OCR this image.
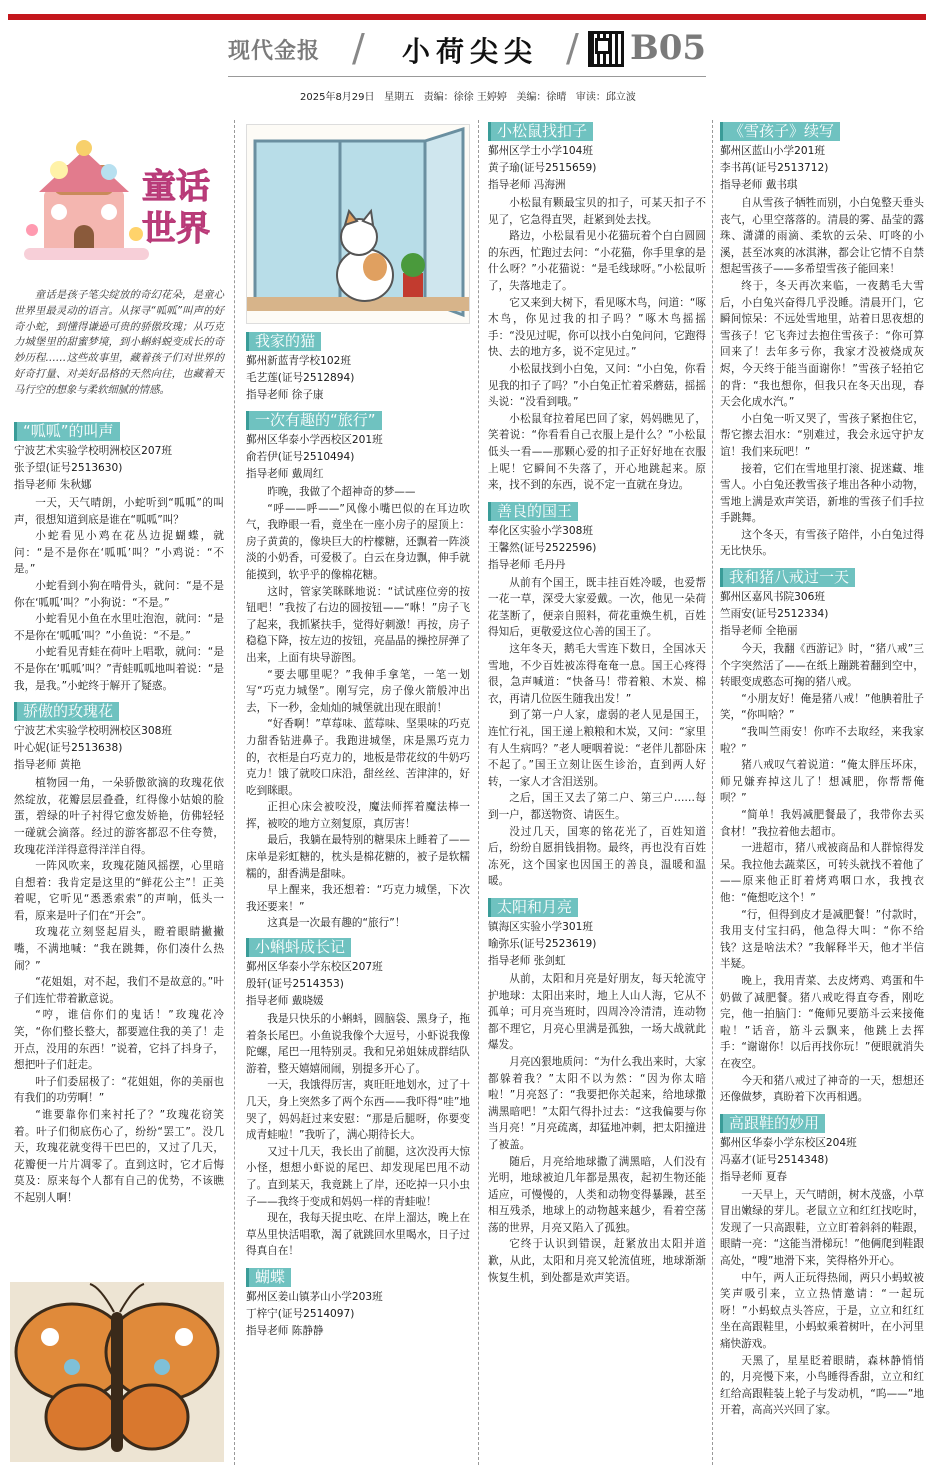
现代金报 / 小荷尖尖 / B05
2025年8月29日 星期五 责编：徐徐 王婷婷 美编：徐晴 审读：邱立波
童话
世界

童话是孩子笔尖绽放的奇幻花朵，是童心世界里最灵动的语言。从探寻“呱呱”叫声的好奇小蛇，到懂得谦逊可贵的骄傲玫瑰；从巧克力城堡里的甜蜜梦境，到小蝌蚪蜕变成长的奇妙历程……这些故事里，藏着孩子们对世界的好奇打量、对美好品格的天然向往，也藏着天马行空的想象与柔软细腻的情感。

“呱呱”的叫声
宁波艺术实验学校明洲校区207班
张予望(证号2513630)
指导老师 朱秋娜

一天，天气晴朗，小蛇听到“呱呱”的叫声，很想知道到底是谁在“呱呱”叫？

小蛇看见小鸡在花丛边捉蝴蝶，就问：“是不是你在‘呱呱’叫？”小鸡说：“不是。”

小蛇看到小狗在啃骨头，就问：“是不是你在‘呱呱’叫？”小狗说：“不是。”

小蛇看见小鱼在水里吐泡泡，就问：“是不是你在‘呱呱’叫？”小鱼说：“不是。”

小蛇看见青蛙在荷叶上唱歌，就问：“是不是你在‘呱呱’叫？”青蛙呱呱地叫着说：“是我，是我。”小蛇终于解开了疑惑。

骄傲的玫瑰花
宁波艺术实验学校明洲校区308班
叶心妮(证号2513638)
指导老师 黄艳

植物园一角，一朵骄傲欲滴的玫瑰花依然绽放，花瓣层层叠叠，红得像小姑娘的脸蛋，碧绿的叶子衬得它愈发娇艳，仿佛轻轻一碰就会滴落。经过的游客都忍不住夸赞，玫瑰花洋洋得意得洋洋自得。

一阵风吹来，玫瑰花随风摇摆，心里暗自想着：我肯定是这里的“鲜花公主”！正美着呢，它听见“悉悉索索”的声响，低头一看，原来是叶子们在“开会”。

玫瑰花立刻竖起眉头，瞪着眼睛撇撇嘴，不满地喊：“我在跳舞，你们凑什么热闹？”

“花姐姐，对不起，我们不是故意的。”叶子们连忙带着歉意说。

“哼，谁信你们的鬼话！”玫瑰花冷笑，“你们整长整大，都要遮住我的美了！走开点，没用的东西！”说着，它抖了抖身子，想把叶子们赶走。

叶子们委屈极了：“花姐姐，你的美丽也有我们的功劳啊！”

“谁要靠你们来衬托了？”玫瑰花窃笑着。叶子们彻底伤心了，纷纷“罢工”。没几天，玫瑰花就变得干巴巴的，又过了几天，花瓣便一片片凋零了。直到这时，它才后悔莫及：原来每个人都有自己的优势，不该瞧不起别人啊！

我家的猫
鄞州新蓝青学校102班
毛艺莲(证号2512894)
指导老师 徐子康
一次有趣的“旅行”
鄞州区华泰小学西校区201班
俞若伊(证号2510494)
指导老师 戴周红

昨晚，我做了个超神奇的梦——

“呼——呼——”风像小嘴巴似的在耳边吹气，我睁眼一看，竟坐在一座小房子的屋顶上：房子黄黄的，像块巨大的柠檬糖，还飘着一阵淡淡的小奶香，可爱极了。白云在身边飘，伸手就能摸到，软乎乎的像棉花糖。

这时，管家笑眯眯地说：“试试座位旁的按钮吧！”我按了右边的圆按钮——“咻！”房子飞了起来，我抓紧扶手，觉得好刺激！再按，房子稳稳下降，按左边的按钮，亮晶晶的操控屏弹了出来，上面有块导游图。

“要去哪里呢？”我伸手拿笔，一笔一划写“巧克力城堡”。刚写完，房子像火箭般冲出去，下一秒，金灿灿的城堡就出现在眼前！

“好香啊！”草莓味、蓝莓味、坚果味的巧克力甜香钻进鼻子。我跑进城堡，床是黑巧克力的，衣柜是白巧克力的，地板是带花纹的牛奶巧克力！饿了就咬口床沿，甜丝丝、苦津津的，好吃到眯眼。

正担心床会被咬没，魔法师挥着魔法棒一挥，被咬的地方立刻复原，真厉害！

最后，我躺在最特别的糖果床上睡着了——床单是彩虹糖的，枕头是棉花糖的，被子是软糯糯的，甜香满是甜味。

早上醒来，我还想着：“巧克力城堡，下次我还要来！”

这真是一次最有趣的“旅行”！

小蝌蚪成长记
鄞州区华泰小学东校区207班
殷轩(证号2514353)
指导老师 戴晓媛

我是只快乐的小蝌蚪，圆脑袋、黑身子，拖着条长尾巴。小鱼说我像个大逗号，小虾说我像陀螺，尾巴一甩特别灵。我和兄弟姐妹成群结队游着，整天嬉嬉闹闹，别提多开心了。

一天，我饿得厉害，爽旺旺地划水，过了十几天，身上突然多了两个东西——我吓得“哇”地哭了，妈妈赶过来安慰：“那是后腿呀，你要变成青蛙啦！”我听了，满心期待长大。

又过十几天，我长出了前腿，这次没再大惊小怪，想想小虾说的尾巴、却发现尾巴甩不动了。直到某天，我竟跳上了岸，还吃掉一只小虫子——我终于变成和妈妈一样的青蛙啦！

现在，我每天捉虫吃、在岸上溜达，晚上在草丛里快活唱歌，渴了就跳回水里喝水，日子过得真自在！

蝴蝶
鄞州区姜山镇茅山小学203班
丁梓宁(证号2514097)
指导老师 陈静静
小松鼠找扣子
鄞州区学士小学104班
黄子瑜(证号2515659)
指导老师 冯海洲

小松鼠有颗最宝贝的扣子，可某天扣子不见了，它急得直哭，赶紧到处去找。

路边，小松鼠看见小花猫玩着个白白圆圆的东西，忙跑过去问：“小花猫，你手里拿的是什么呀？”小花猫说：“是毛线球呀。”小松鼠听了，失落地走了。

它又来到大树下，看见啄木鸟，问道：“啄木鸟，你见过我的扣子吗？”啄木鸟摇摇手：“没见过呢，你可以找小白兔问问，它跑得快、去的地方多，说不定见过。”

小松鼠找到小白兔，又问：“小白兔，你看见我的扣子了吗？”小白兔正忙着采蘑菇，摇摇头说：“没看到哦。”

小松鼠耷拉着尾巴回了家，妈妈瞧见了，笑着说：“你看看自己衣服上是什么？”小松鼠低头一看——那颗心爱的扣子正好好地在衣服上呢！它瞬间不失落了，开心地跳起来。原来，找不到的东西，说不定一直就在身边。

善良的国王
奉化区实验小学308班
王馨然(证号2522596)
指导老师 毛丹丹

从前有个国王，既丰挂百姓冷暖，也爱帮一花一草，深受大家爱戴。一次，他见一朵荷花茎断了，便亲自照料，荷花重焕生机，百姓得知后，更敬爱这位心善的国王了。

这年冬天，鹅毛大雪连下数日，全国冰天雪地，不少百姓被冻得奄奄一息。国王心疼得很，急声喊道：“快备马！带着粮、木炭、棉衣，再请几位医生随我出发！”

到了第一户人家，虚弱的老人见是国王，连忙行礼，国王递上粮粮和木炭，又问：“家里有人生病吗？”老人哽咽着说：“老伴儿都卧床不起了。”国王立刻让医生诊治，直到两人好转，一家人才含泪送别。

之后，国王又去了第二户、第三户……每到一户，都送物资、请医生。

没过几天，国寒的铭花光了，百姓知道后，纷纷自愿捐钱捐物。最终，再也没有百姓冻死，这个国家也因国王的善良，温暖和温暖。

太阳和月亮
镇海区实验小学301班
喻弥乐(证号2523619)
指导老师 张剑虹

从前，太阳和月亮是好朋友，每天轮流守护地球：太阳出来时，地上人山人海，它从不孤单；可月亮当班时，四周冷冷清清，连动物都不理它，月亮心里满是孤独，一场大战就此爆发。

月亮凶狠地质问：“为什么我出来时，大家都躲着我？”太阳不以为然：“因为你太暗啦！”月亮怒了：“我要把你关起来，给地球撒满黑暗吧！”太阳气得扑过去：“这我偏要与你当月亮！”月亮疏离，却猛地冲刺，把太阳撞进了被盖。

随后，月亮给地球撒了满黑暗，人们没有光明，地球被迫几年都是黑夜，起初生物还能适应，可慢慢的，人类和动物变得暴躁，甚至相互残杀，地球上的动物越来越少，看着空荡荡的世界，月亮又陷入了孤独。

它终于认识到错误，赶紧放出太阳并道歉，从此，太阳和月亮又轮流值班，地球渐渐恢复生机，到处都是欢声笑语。

《雪孩子》续写
鄞州区蓝山小学201班
李书苒(证号2513712)
指导老师 戴书琪

自从雪孩子牺牲而别，小白兔整天垂头丧气，心里空落落的。清晨的雾、晶莹的露珠、潇潇的雨滴、柔软的云朵、叮咚的小溪，甚至冰爽的冰淇淋，都会让它情不自禁想起雪孩子——多希望雪孩子能回来！

终于，冬天再次来临，一夜鹅毛大雪后，小白兔兴奋得几乎没睡。清晨开门，它瞬间惊呆：不远处雪地里，站着日思夜想的雪孩子！它飞奔过去抱住雪孩子：“你可算回来了！去年多亏你，我家才没被烧成灰烬，今天终于能当面谢你！”雪孩子轻拍它的背：“我也想你，但我只在冬天出现，春天会化成水汽。”

小白兔一听又哭了，雪孩子紧抱住它，帮它擦去泪水：“别难过，我会永远守护友谊！我们来玩吧！”

接着，它们在雪地里打滚、捉迷藏、堆雪人。小白兔还教雪孩子堆出各种小动物，雪地上满是欢声笑语，新堆的雪孩子们手拉手跳舞。

这个冬天，有雪孩子陪伴，小白兔过得无比快乐。

我和猪八戒过一天
鄞州区嘉风书院306班
竺雨安(证号2512334)
指导老师 全艳丽

今天，我翻《西游记》时，“猪八戒”三个字突然活了——在纸上蹦跳着翻到空中，转眼变成憨态可掬的猪八戒。

“小朋友好！俺是猪八戒！”他腆着肚子笑，“你叫啥？”

“我叫竺雨安！你咋不去取经，来我家啦？”

猪八戒叹气着说道：“俺太胖压坏床，师兄嫌弃掉这儿了！想减肥，你帮帮俺呗？”

“简单！我妈减肥餐最了，我带你去买食材！”我拉着他去超市。

一进超市，猪八戒被商品和人群惊得发呆。我拉他去蔬菜区，可转头就找不着他了——原来他正盯着烤鸡咽口水，我拽衣他：“俺想吃这个！”

“行，但得到皮才是减肥餐！”付款时，我用支付宝扫码，他急得大叫：“你不给钱？这是啥法术？”我解释半天，他才半信半疑。

晚上，我用青菜、去皮烤鸡、鸡蛋和牛奶做了减肥餐。猪八戒吃得直夸香，刚吃完，他一拍脑门：“俺师兄要筋斗云来接俺啦！”话音，筋斗云飘来，他跳上去挥手：“谢谢你！以后再找你玩！”便眼就消失在夜空。

今天和猪八戒过了神奇的一天，想想还还像做梦，真盼着下次再相遇。

高跟鞋的妙用
鄞州区华泰小学东校区204班
冯嘉才(证号2514348)
指导老师 夏春

一天早上，天气晴朗，树木茂盛，小草冒出嫩绿的芽儿。老鼠立立和红红找吃时，发现了一只高跟鞋，立立盯着斜斜的鞋跟，眼睛一亮：“这能当滑梯玩！”他俩爬到鞋跟高处，“嗖”地滑下来，笑得格外开心。

中午，两人正玩得热闹，两只小蚂蚁被笑声吸引来，立立热情邀请：“一起玩呀！”小蚂蚁点头答应，于是，立立和红红坐在高跟鞋里，小蚂蚁乘着树叶，在小河里痛快游戏。

天黑了，星星眨着眼睛，森林静悄悄的，月亮慢下来，小鸟睡得香甜，立立和红红给高跟鞋装上轮子与发动机，“呜——”地开着，高高兴兴回了家。
